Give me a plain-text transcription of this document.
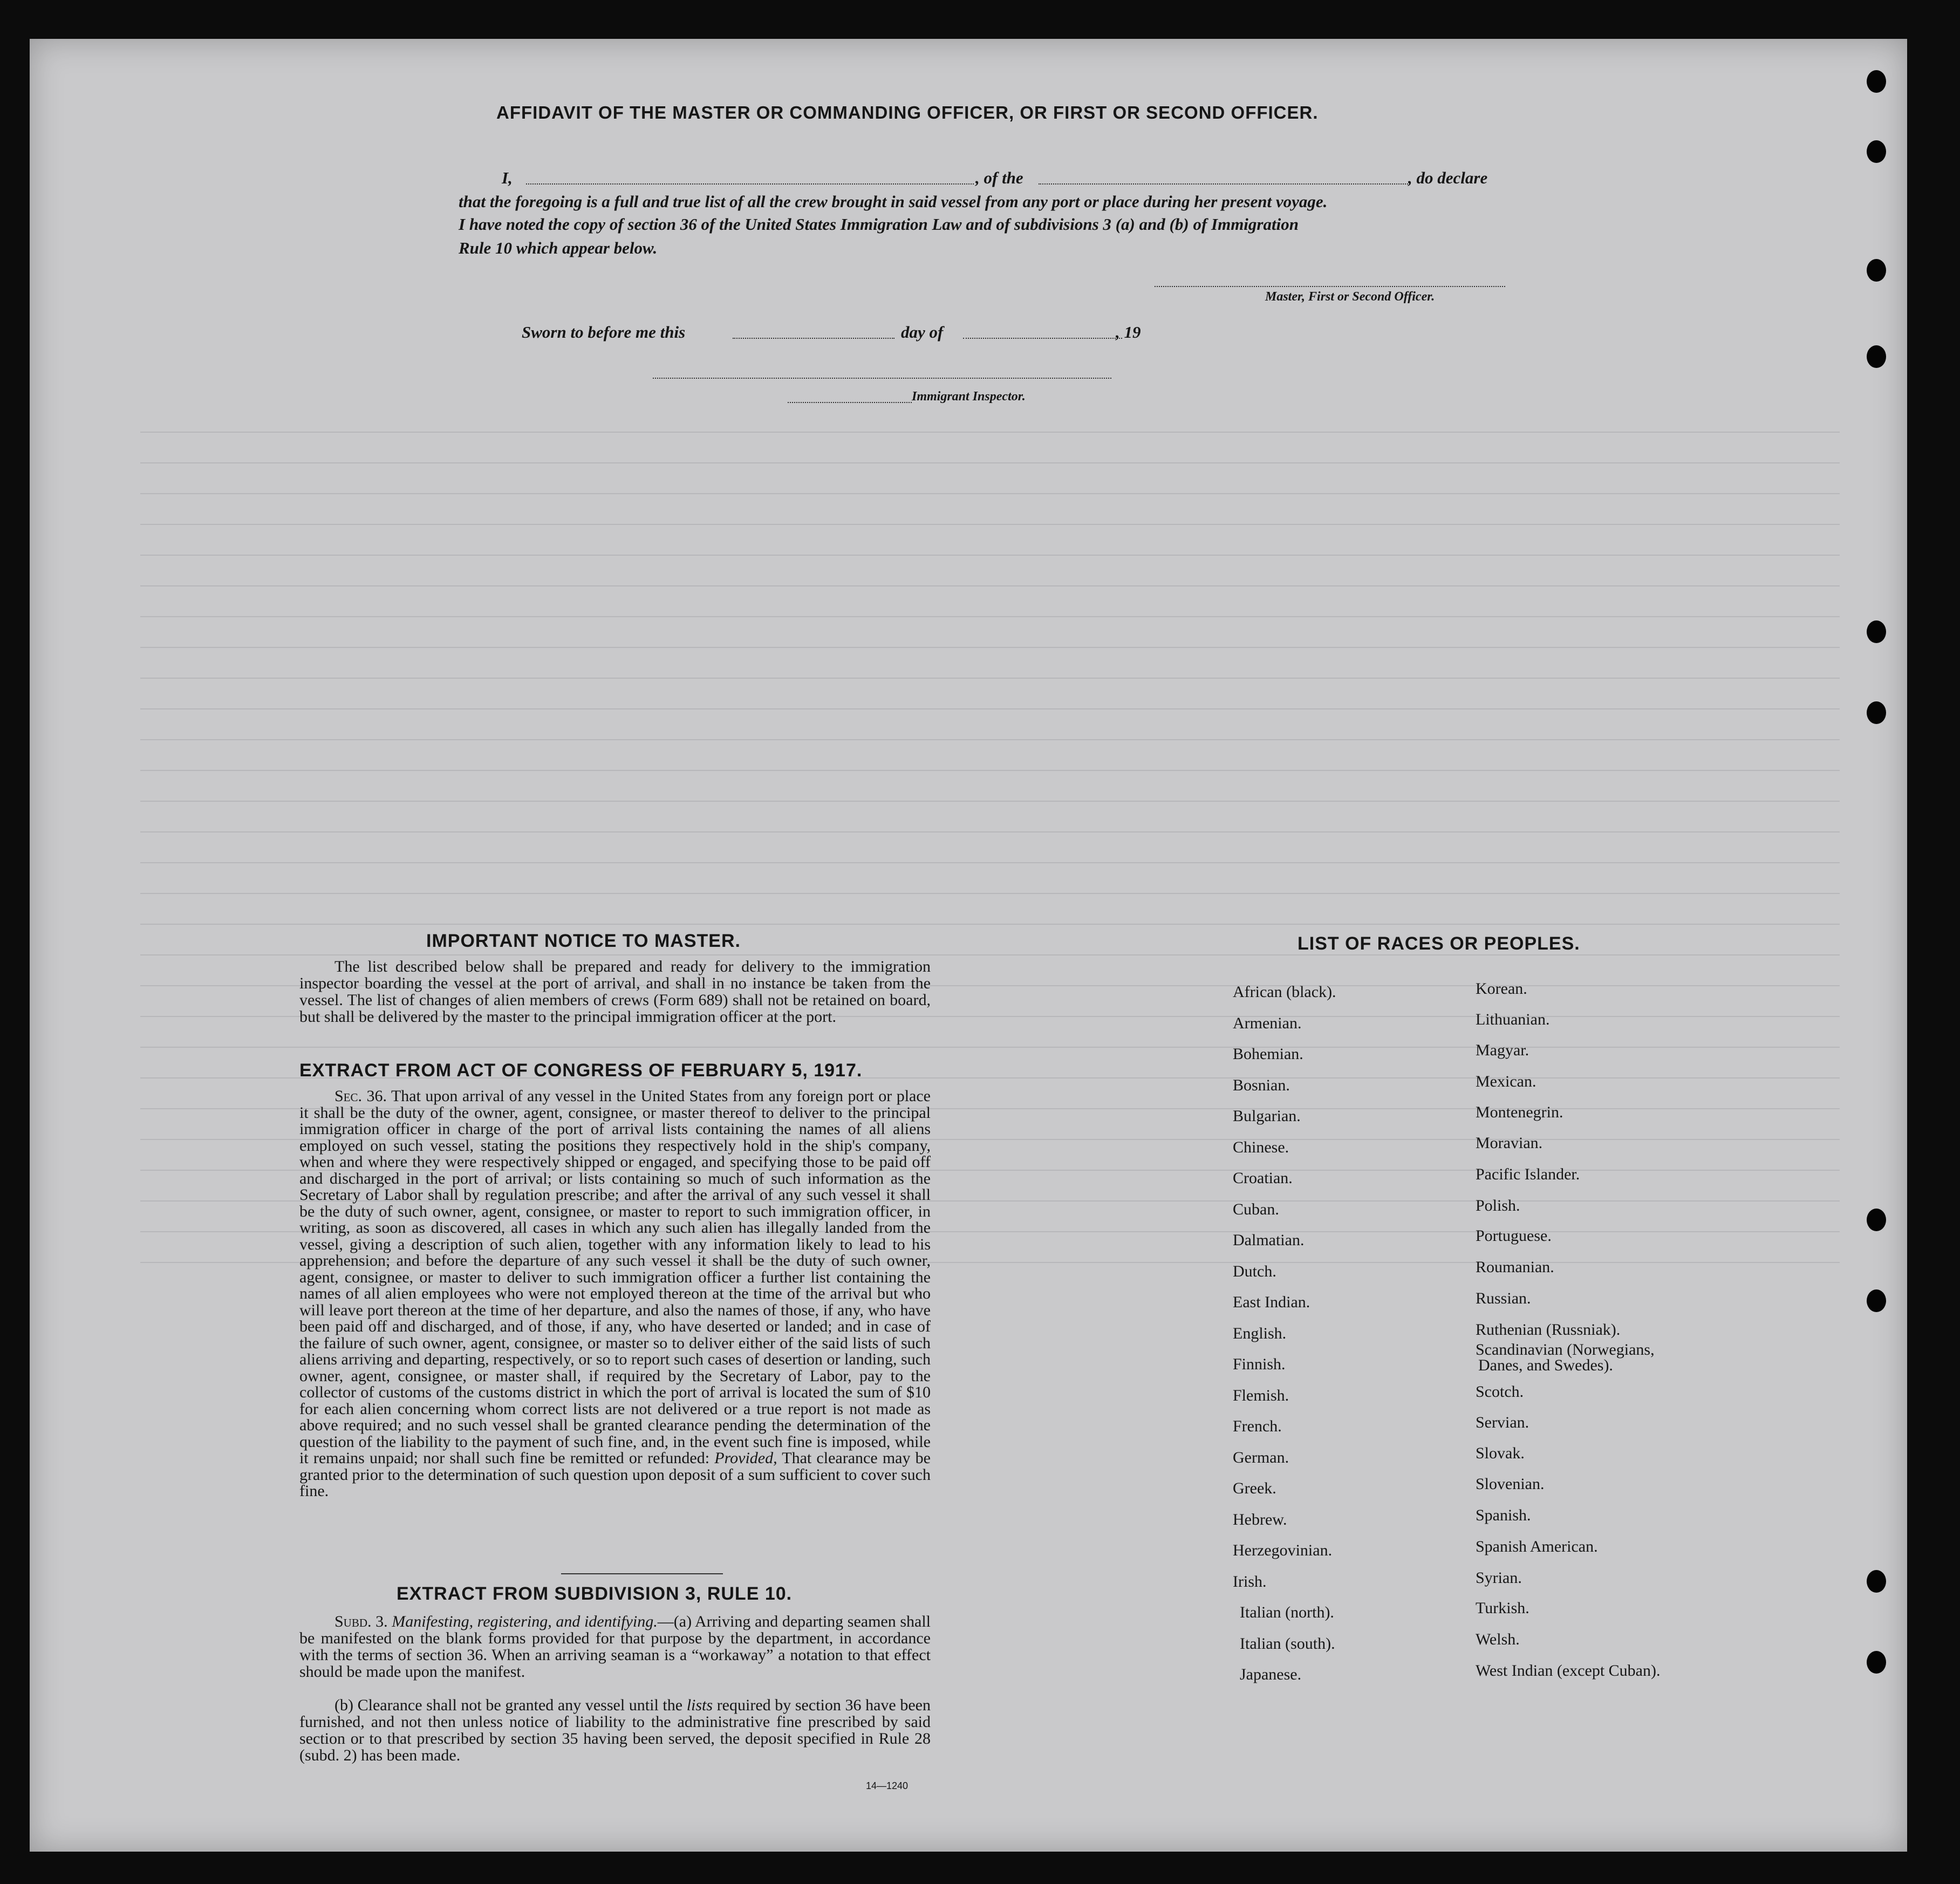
AFFIDAVIT OF THE MASTER OR COMMANDING OFFICER, OR FIRST OR SECOND OFFICER.
I,	, of the	, do declare
that the foregoing is a full and true list of all the crew brought in said vessel from any port or place during her present voyage.
I have noted the copy of section 36 of the United States Immigration Law and of subdivisions 3 (a) and (b) of Immigration
Rule 10 which appear below.
Master, First or Second Officer.
Sworn to before me this	day of	, 19
Immigrant Inspector.
IMPORTANT NOTICE TO MASTER.
The list described below shall be prepared and ready for delivery to the immigration inspector boarding the vessel at the port of arrival, and shall in no instance be taken from the vessel. The list of changes of alien members of crews (Form 689) shall not be retained on board, but shall be delivered by the master to the principal immigration officer at the port.
EXTRACT FROM ACT OF CONGRESS OF FEBRUARY 5, 1917.
Sec. 36. That upon arrival of any vessel in the United States from any foreign port or place it shall be the duty of the owner, agent, consignee, or master thereof to deliver to the principal immigration officer in charge of the port of arrival lists containing the names of all aliens employed on such vessel, stating the positions they respectively hold in the ship's company, when and where they were respectively shipped or engaged, and specifying those to be paid off and discharged in the port of arrival; or lists containing so much of such information as the Secretary of Labor shall by regulation prescribe; and after the arrival of any such vessel it shall be the duty of such owner, agent, consignee, or master to report to such immigration officer, in writing, as soon as discovered, all cases in which any such alien has illegally landed from the vessel, giving a description of such alien, together with any information likely to lead to his apprehension; and before the departure of any such vessel it shall be the duty of such owner, agent, consignee, or master to deliver to such immigration officer a further list containing the names of all alien employees who were not employed thereon at the time of the arrival but who will leave port thereon at the time of her departure, and also the names of those, if any, who have been paid off and discharged, and of those, if any, who have deserted or landed; and in case of the failure of such owner, agent, consignee, or master so to deliver either of the said lists of such aliens arriving and departing, respectively, or so to report such cases of desertion or landing, such owner, agent, consignee, or master shall, if required by the Secretary of Labor, pay to the collector of customs of the customs district in which the port of arrival is located the sum of $10 for each alien concerning whom correct lists are not delivered or a true report is not made as above required; and no such vessel shall be granted clearance pending the determination of the question of the liability to the payment of such fine, and, in the event such fine is imposed, while it remains unpaid; nor shall such fine be remitted or refunded: Provided, That clearance may be granted prior to the determination of such question upon deposit of a sum sufficient to cover such fine.
EXTRACT FROM SUBDIVISION 3, RULE 10.
Subd. 3. Manifesting, registering, and identifying.—(a) Arriving and departing seamen shall be manifested on the blank forms provided for that purpose by the department, in accordance with the terms of section 36. When an arriving seaman is a “workaway” a notation to that effect should be made upon the manifest.
(b) Clearance shall not be granted any vessel until the lists required by section 36 have been furnished, and not then unless notice of liability to the administrative fine prescribed by said section or to that prescribed by section 35 having been served, the deposit specified in Rule 28 (subd. 2) has been made.
14—1240
LIST OF RACES OR PEOPLES.
African (black).
Armenian.
Bohemian.
Bosnian.
Bulgarian.
Chinese.
Croatian.
Cuban.
Dalmatian.
Dutch.
East Indian.
English.
Finnish.
Flemish.
French.
German.
Greek.
Hebrew.
Herzegovinian.
Irish.
Italian (north).
Italian (south).
Japanese.
Korean.
Lithuanian.
Magyar.
Mexican.
Montenegrin.
Moravian.
Pacific Islander.
Polish.
Portuguese.
Roumanian.
Russian.
Ruthenian (Russniak).
Scandinavian (Norwegians,
Danes, and Swedes).
Scotch.
Servian.
Slovak.
Slovenian.
Spanish.
Spanish American.
Syrian.
Turkish.
Welsh.
West Indian (except Cuban).
